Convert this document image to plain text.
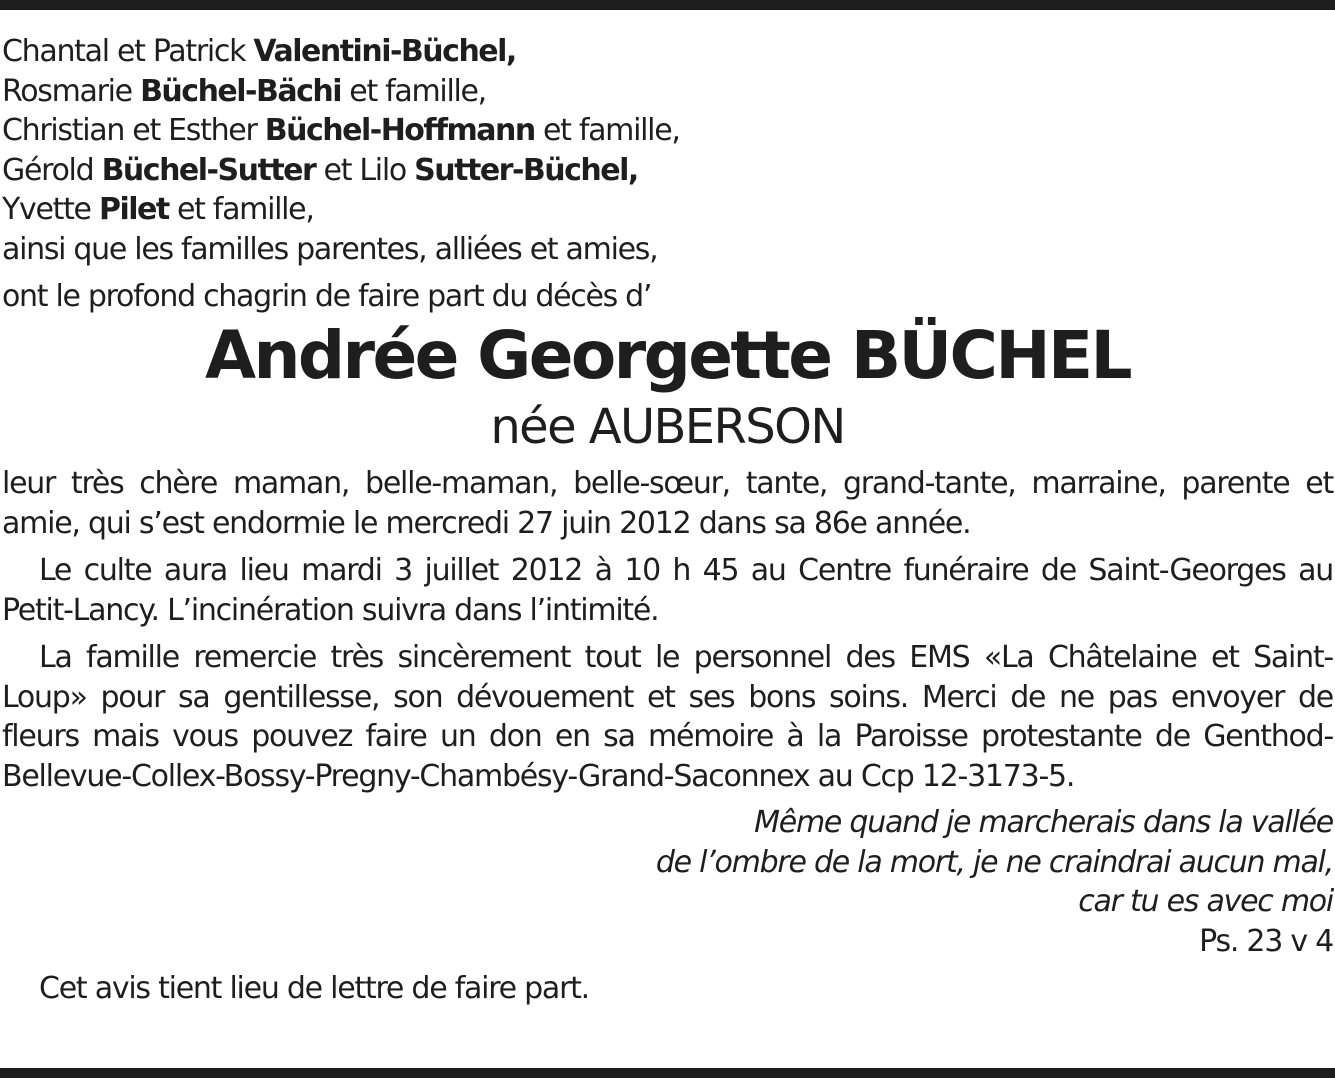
Chantal et Patrick Valentini-Büchel,
Rosmarie Büchel-Bächi et famille,
Christian et Esther Büchel-Hoffmann et famille,
Gérold Büchel-Sutter et Lilo Sutter-Büchel,
Yvette Pilet et famille,
ainsi que les familles parentes, alliées et amies,
ont le profond chagrin de faire part du décès d’
Andrée Georgette BÜCHEL
née AUBERSON

leur très chère maman, belle-maman, belle-sœur, tante, grand-tante, marraine, parente et amie, qui s’est endormie le mercredi 27 juin 2012 dans sa 86e année.

Le culte aura lieu mardi 3 juillet 2012 à 10 h 45 au Centre funéraire de Saint-Georges au Petit-Lancy. L’incinération suivra dans l’intimité.

La famille remercie très sincèrement tout le personnel des EMS «La Châtelaine et Saint-Loup» pour sa gentillesse, son dévouement et ses bons soins. Merci de ne pas envoyer de fleurs mais vous pouvez faire un don en sa mémoire à la Paroisse protestante de Genthod-Bellevue-Collex-Bossy-Pregny-Chambésy-Grand-Saconnex au Ccp 12-3173-5.

Même quand je marcherais dans la vallée
de l’ombre de la mort, je ne craindrai aucun mal,
car tu es avec moi
Ps. 23 v 4
Cet avis tient lieu de lettre de faire part.
